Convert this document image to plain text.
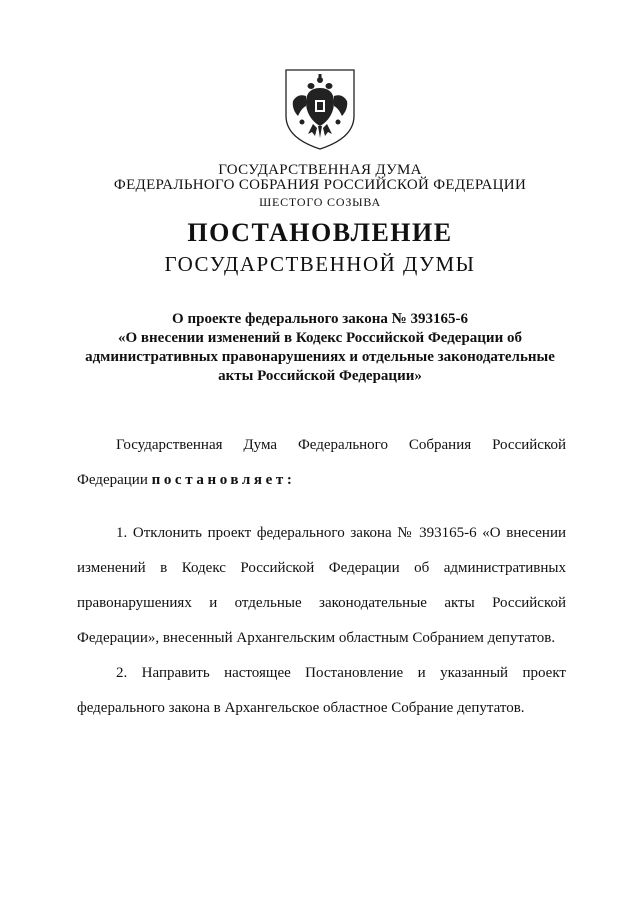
ГОСУДАРСТВЕННАЯ ДУМА
ФЕДЕРАЛЬНОГО СОБРАНИЯ РОССИЙСКОЙ ФЕДЕРАЦИИ
ШЕСТОГО СОЗЫВА
ПОСТАНОВЛЕНИЕ
ГОСУДАРСТВЕННОЙ ДУМЫ
О проекте федерального закона № 393165-6
«О внесении изменений в Кодекс Российской Федерации об
административных правонарушениях и отдельные законодательные
акты Российской Федерации»
Государственная Дума Федерального Собрания Российской Федерации постановляет:
1. Отклонить проект федерального закона № 393165-6 «О внесении изменений в Кодекс Российской Федерации об административных правонарушениях и отдельные законодательные акты Российской Федерации», внесенный Архангельским областным Собранием депутатов.
2. Направить настоящее Постановление и указанный проект федерального закона в Архангельское областное Собрание депутатов.
